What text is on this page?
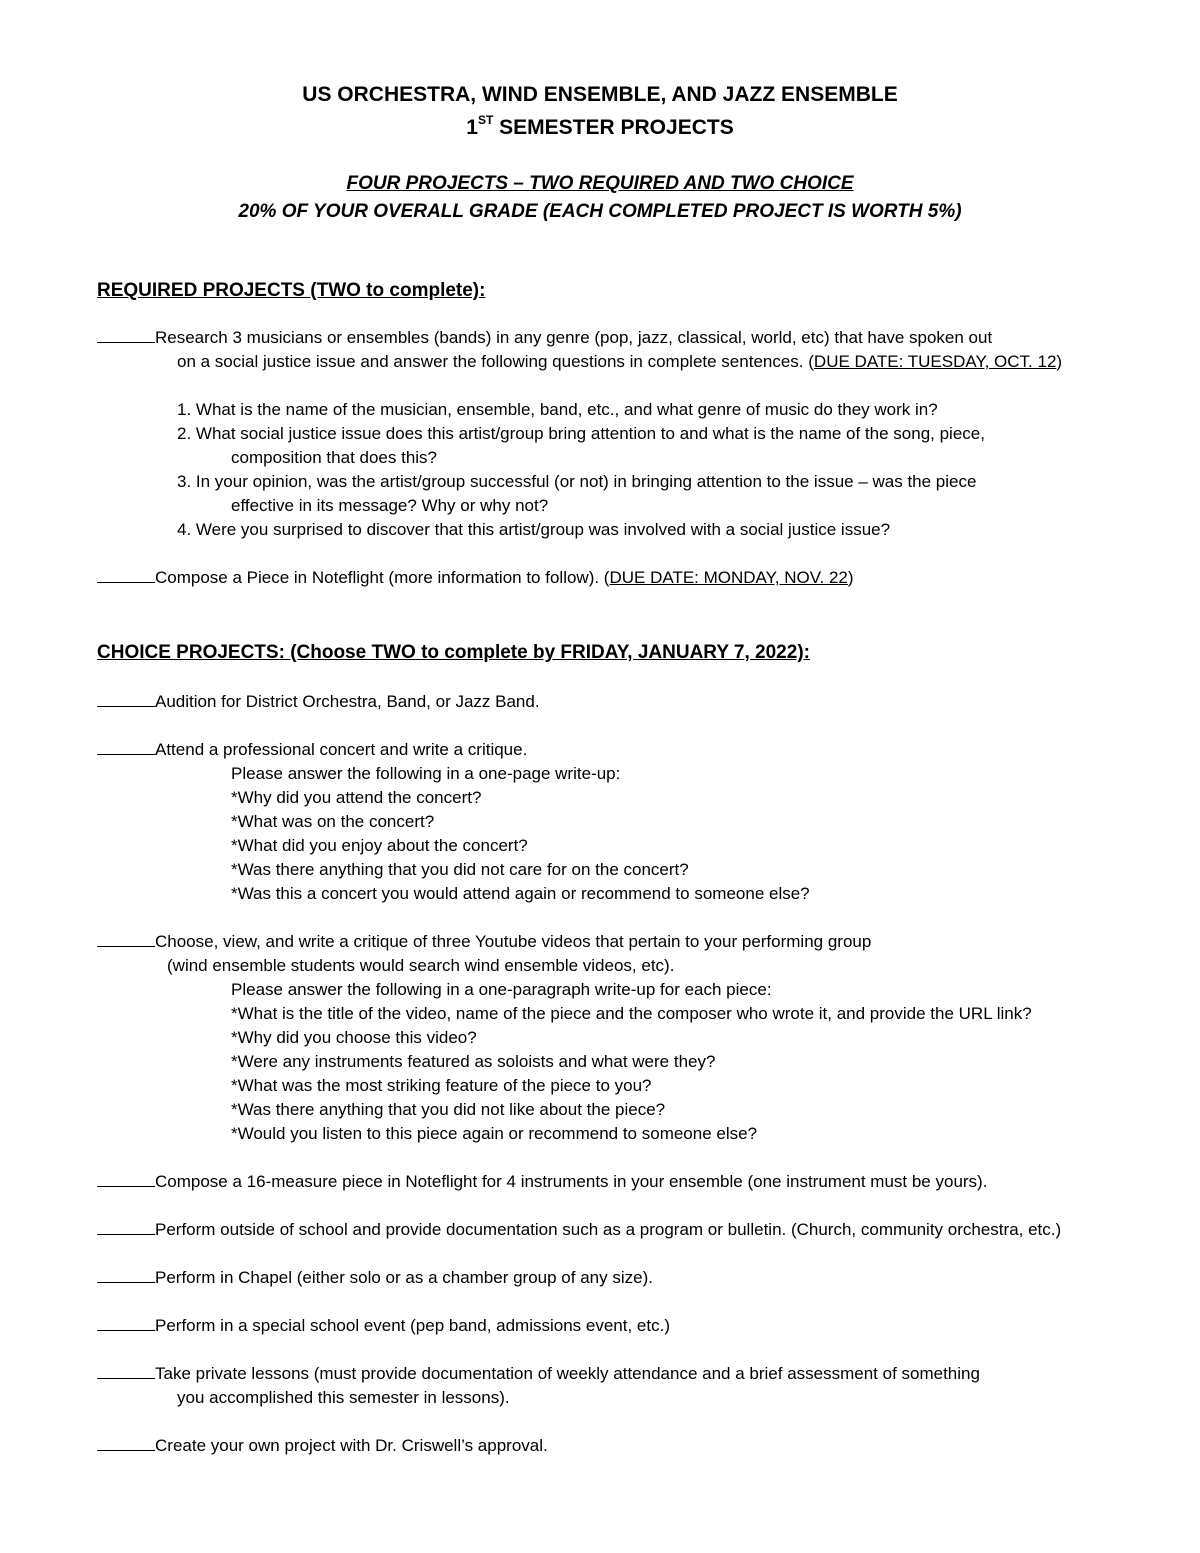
US ORCHESTRA, WIND ENSEMBLE, AND JAZZ ENSEMBLE
1ST SEMESTER PROJECTS
FOUR PROJECTS – TWO REQUIRED AND TWO CHOICE
20% OF YOUR OVERALL GRADE (EACH COMPLETED PROJECT IS WORTH 5%)
REQUIRED PROJECTS (TWO to complete):
Research 3 musicians or ensembles (bands) in any genre (pop, jazz, classical, world, etc) that have spoken out
on a social justice issue and answer the following questions in complete sentences. (DUE DATE: TUESDAY, OCT. 12)
1. What is the name of the musician, ensemble, band, etc., and what genre of music do they work in?
2. What social justice issue does this artist/group bring attention to and what is the name of the song, piece,
composition that does this?
3. In your opinion, was the artist/group successful (or not) in bringing attention to the issue – was the piece
effective in its message? Why or why not?
4. Were you surprised to discover that this artist/group was involved with a social justice issue?
Compose a Piece in Noteflight (more information to follow). (DUE DATE: MONDAY, NOV. 22)
CHOICE PROJECTS: (Choose TWO to complete by FRIDAY, JANUARY 7, 2022):
Audition for District Orchestra, Band, or Jazz Band.
Attend a professional concert and write a critique.
Please answer the following in a one-page write-up:
*Why did you attend the concert?
*What was on the concert?
*What did you enjoy about the concert?
*Was there anything that you did not care for on the concert?
*Was this a concert you would attend again or recommend to someone else?
Choose, view, and write a critique of three Youtube videos that pertain to your performing group
(wind ensemble students would search wind ensemble videos, etc).
Please answer the following in a one-paragraph write-up for each piece:
*What is the title of the video, name of the piece and the composer who wrote it, and provide the URL link?
*Why did you choose this video?
*Were any instruments featured as soloists and what were they?
*What was the most striking feature of the piece to you?
*Was there anything that you did not like about the piece?
*Would you listen to this piece again or recommend to someone else?
Compose a 16-measure piece in Noteflight for 4 instruments in your ensemble (one instrument must be yours).
Perform outside of school and provide documentation such as a program or bulletin. (Church, community orchestra, etc.)
Perform in Chapel (either solo or as a chamber group of any size).
Perform in a special school event (pep band, admissions event, etc.)
Take private lessons (must provide documentation of weekly attendance and a brief assessment of something
you accomplished this semester in lessons).
Create your own project with Dr. Criswell’s approval.
